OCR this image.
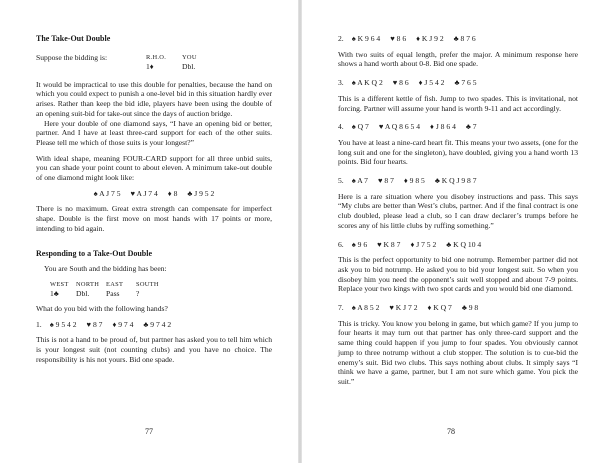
The Take-Out Double

Suppose the bidding is:	R.H.O.	YOU
1♦	Dbl.

It would be impractical to use this double for penalties, because the hand on which you could expect to punish a one-level bid in this situation hardly ever arises. Rather than keep the bid idle, players have been using the double of an opening suit-bid for take-out since the days of auction bridge.

Here your double of one diamond says, “I have an opening bid or better, partner. And I have at least three-card support for each of the other suits. Please tell me which of those suits is your longest?”

With ideal shape, meaning FOUR-CARD support for all three unbid suits, you can shade your point count to about eleven. A minimum take-out double of one diamond might look like:

♠ A J 7 5 ♥ A J 7 4 ♦ 8 ♣ J 9 5 2

There is no maximum. Great extra strength can compensate for imperfect shape. Double is the first move on most hands with 17 points or more, intending to bid again.

Responding to a Take-Out Double

You are South and the bidding has been:

WEST	NORTH	EAST	SOUTH
1♣	Dbl.	Pass	?

What do you bid with the following hands?

1. ♠ 9 5 4 2 ♥ 8 7 ♦ 9 7 4 ♣ 9 7 4 2

This is not a hand to be proud of, but partner has asked you to tell him which is your longest suit (not counting clubs) and you have no choice. The responsibility is his not yours. Bid one spade.

77
2. ♠ K 9 6 4 ♥ 8 6 ♦ K J 9 2 ♣ 8 7 6

With two suits of equal length, prefer the major. A minimum response here shows a hand worth about 0-8. Bid one spade.

3. ♠ A K Q 2 ♥ 8 6 ♦ J 5 4 2 ♣ 7 6 5

This is a different kettle of fish. Jump to two spades. This is invitational, not forcing. Partner will assume your hand is worth 9-11 and act accordingly.

4. ♠ Q 7 ♥ A Q 8 6 5 4 ♦ J 8 6 4 ♣ 7

You have at least a nine-card heart fit. This means your two assets, (one for the long suit and one for the singleton), have doubled, giving you a hand worth 13 points. Bid four hearts.

5. ♠ A 7 ♥ 8 7 ♦ 9 8 5 ♣ K Q J 9 8 7

Here is a rare situation where you disobey instructions and pass. This says “My clubs are better than West’s clubs, partner. And if the final contract is one club doubled, please lead a club, so I can draw declarer’s trumps before he scores any of his little clubs by ruffing something.”

6. ♠ 9 6 ♥ K 8 7 ♦ J 7 5 2 ♣ K Q 10 4

This is the perfect opportunity to bid one notrump. Remember partner did not ask you to bid notrump. He asked you to bid your longest suit. So when you disobey him you need the opponent’s suit well stopped and about 7-9 points. Replace your two kings with two spot cards and you would bid one diamond.

7. ♠ A 8 5 2 ♥ K J 7 2 ♦ K Q 7 ♣ 9 8

This is tricky. You know you belong in game, but which game? If you jump to four hearts it may turn out that partner has only three-card support and the same thing could happen if you jump to four spades. You obviously cannot jump to three notrump without a club stopper. The solution is to cue-bid the enemy’s suit. Bid two clubs. This says nothing about clubs. It simply says “I think we have a game, partner, but I am not sure which game. You pick the suit.”

78
